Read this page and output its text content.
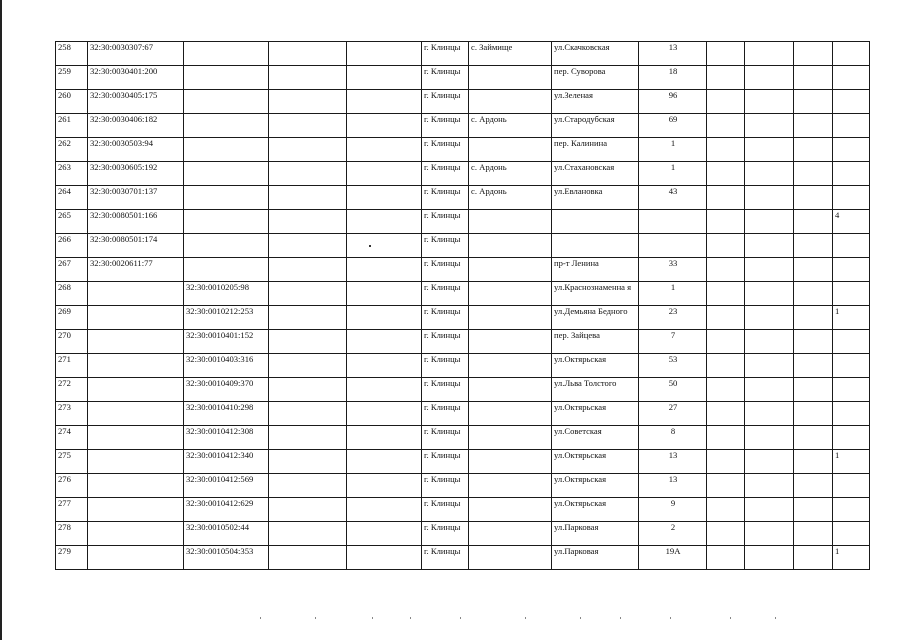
258	32:30:0030307:67				г. Клинцы	с. Займище	ул.Скачковская	13				
259	32:30:0030401:200				г. Клинцы		пер. Суворова	18				
260	32:30:0030405:175				г. Клинцы		ул.Зеленая	96				
261	32:30:0030406:182				г. Клинцы	с. Ардонь	ул.Стародубская	69				
262	32:30:0030503:94				г. Клинцы		пер. Калинина	1				
263	32:30:0030605:192				г. Клинцы	с. Ардонь	ул.Стахановская	1				
264	32:30:0030701:137				г. Клинцы	с. Ардонь	ул.Евлановка	43				
265	32:30:0080501:166				г. Клинцы							4
266	32:30:0080501:174				г. Клинцы							
267	32:30:0020611:77				г. Клинцы		пр-т Ленина	33				
268		32:30:0010205:98			г. Клинцы		ул.Краснознаменна я	1				
269		32:30:0010212:253			г. Клинцы		ул.Демьяна Бедного	23				1
270		32:30:0010401:152			г. Клинцы		пер. Зайцева	7				
271		32:30:0010403:316			г. Клинцы		ул.Октярьская	53				
272		32:30:0010409:370			г. Клинцы		ул.Льва Толстого	50				
273		32:30:0010410:298			г. Клинцы		ул.Октярьская	27				
274		32:30:0010412:308			г. Клинцы		ул.Советская	8				
275		32:30:0010412:340			г. Клинцы		ул.Октярьская	13				1
276		32:30:0010412:569			г. Клинцы		ул.Октярьская	13				
277		32:30:0010412:629			г. Клинцы		ул.Октярьская	9				
278		32:30:0010502:44			г. Клинцы		ул.Парковая	2				
279		32:30:0010504:353			г. Клинцы		ул.Парковая	19А				1
